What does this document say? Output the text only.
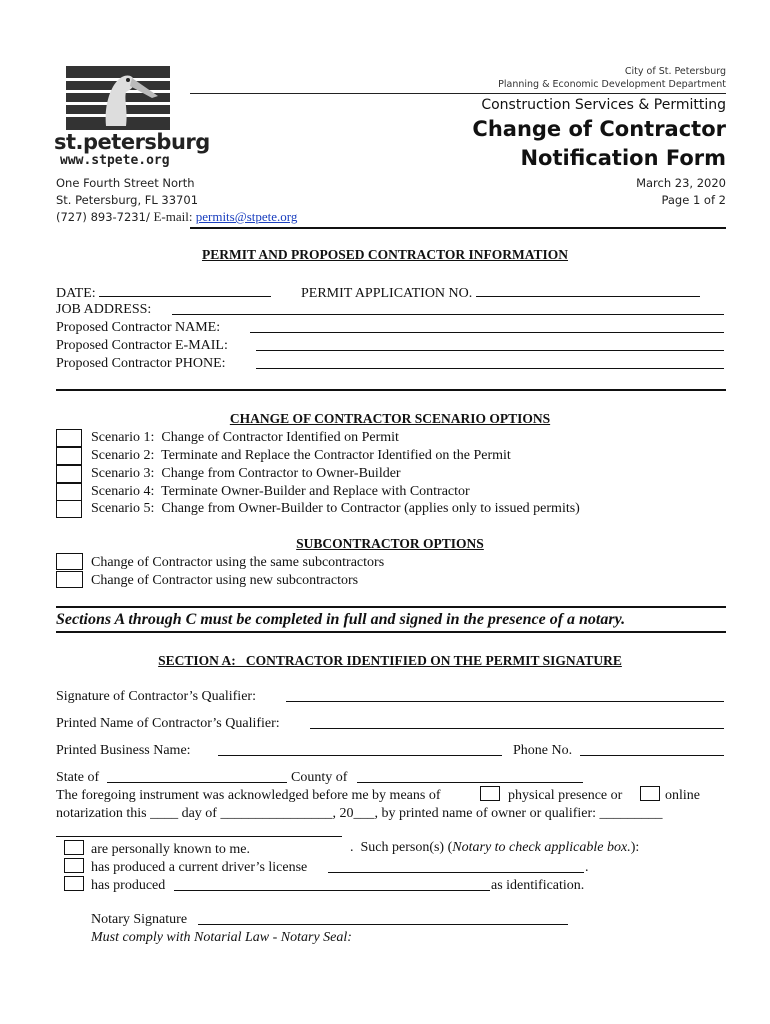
st.petersburg
www.stpete.org
City of St. Petersburg
Planning & Economic Development Department
Construction Services & Permitting
Change of Contractor
Notification Form
One Fourth Street North
St. Petersburg, FL 33701
(727) 893-7231/ E-mail: permits@stpete.org
March 23, 2020
Page 1 of 2
PERMIT AND PROPOSED CONTRACTOR INFORMATION
DATE:	PERMIT APPLICATION NO.
JOB ADDRESS:
Proposed Contractor NAME:
Proposed Contractor E-MAIL:
Proposed Contractor PHONE:
CHANGE OF CONTRACTOR SCENARIO OPTIONS
Scenario 1:  Change of Contractor Identified on Permit
Scenario 2:  Terminate and Replace the Contractor Identified on the Permit
Scenario 3:  Change from Contractor to Owner-Builder
Scenario 4:  Terminate Owner-Builder and Replace with Contractor
Scenario 5:  Change from Owner-Builder to Contractor (applies only to issued permits)
SUBCONTRACTOR OPTIONS
Change of Contractor using the same subcontractors
Change of Contractor using new subcontractors
Sections A through C must be completed in full and signed in the presence of a notary.
SECTION A:   CONTRACTOR IDENTIFIED ON THE PERMIT SIGNATURE
Signature of Contractor’s Qualifier:
Printed Name of Contractor’s Qualifier:
Printed Business Name:	Phone No.
State of	County of
The foregoing instrument was acknowledged before me by means of	physical presence or	online
notarization this ____ day of ________________, 20___, by printed name of owner or qualifier: _________

.  Such person(s) (Notary to check applicable box.):

are personally known to me.
has produced a current driver’s license	.
has produced	as identification.
Notary Signature
Must comply with Notarial Law - Notary Seal:
